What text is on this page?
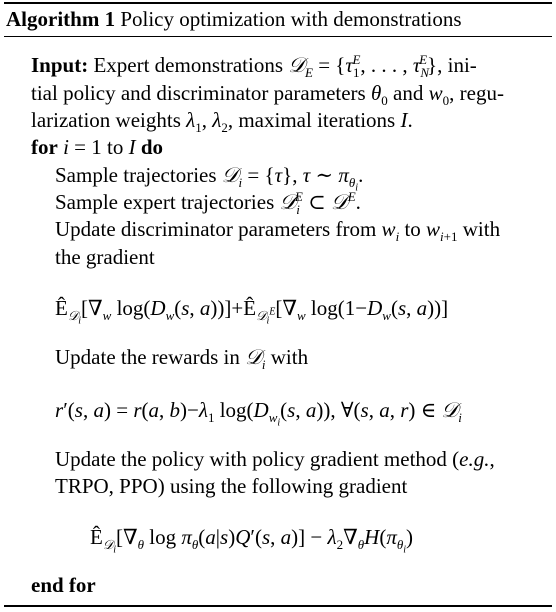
Algorithm 1 Policy optimization with demonstrations
Input: Expert demonstrations 𝒟$_E$ = {$\tau_1^E$, . . . , $\tau_N^E$}, ini-
tial policy and discriminator parameters $\theta_0$ and $w_0$, regu-
larization weights $\lambda_1$, $\lambda_2$, maximal iterations I.
for i = 1 to I do
Sample trajectories 𝒟$_i$ = {τ}, τ ∼ $\pi_{\theta_i}$.
Sample expert trajectories 𝒟$_i^E$ ⊂ 𝒟$^E$.
Update discriminator parameters from $w_i$ to $w_{i+1}$ with
the gradient
$Ê_{𝒟_i}[\nabla_w$ $\log(D_w(s$, $a))]+Ê_{𝒟_i^E}[\nabla_w$ $\log(1-D_w(s$, a))]
Update the rewards in 𝒟$_i$ with
r′(s, a) = r(a, $b)-\lambda_1$ $\log(D_{w_i}(s$, a)), ∀(s, a, r) ∈ 𝒟$_i$
Update the policy with policy gradient method (e.g.,
TRPO, PPO) using the following gradient
$Ê_{𝒟_i}[\nabla_\theta$ $\log \pi_\theta(a|s)Q'(s$, $a)] - \lambda_2\nabla_\theta H(\pi_{\theta_i})$
end for
